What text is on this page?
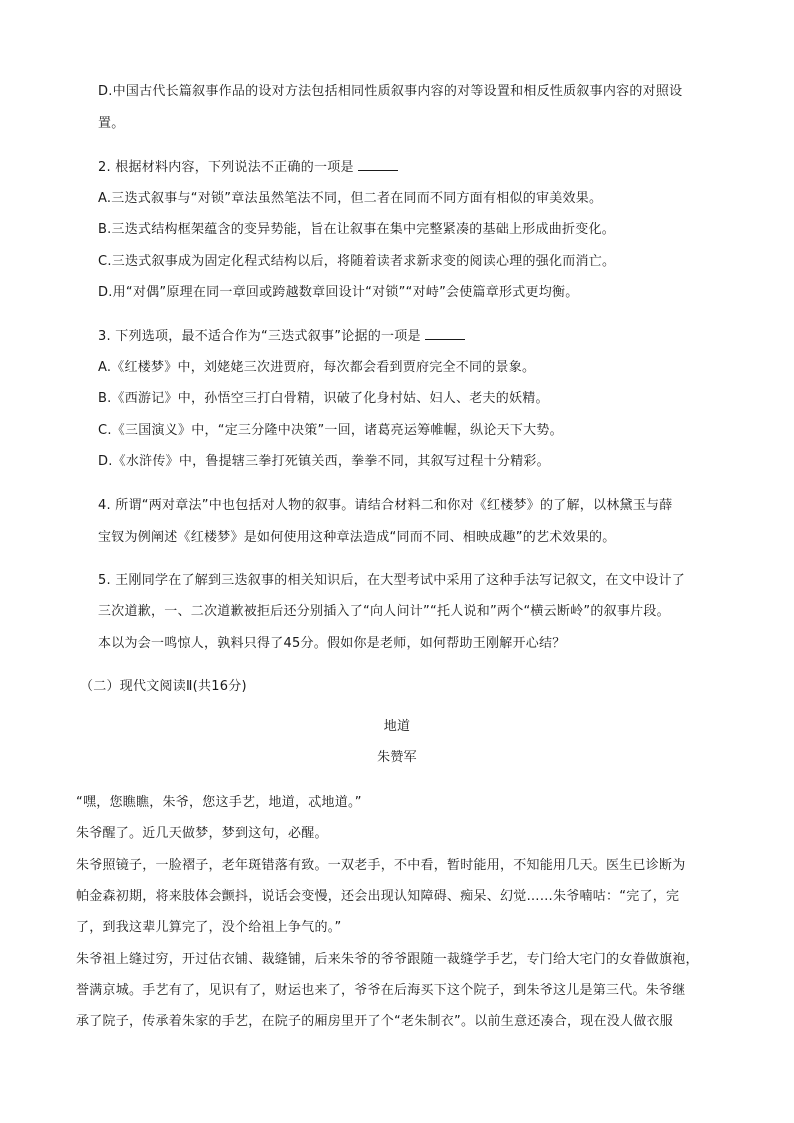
D.中国古代长篇叙事作品的设对方法包括相同性质叙事内容的对等设置和相反性质叙事内容的对照设

置。

2. 根据材料内容，下列说法不正确的一项是

A.三迭式叙事与“对锁”章法虽然笔法不同，但二者在同而不同方面有相似的审美效果。

B.三迭式结构框架蕴含的变异势能，旨在让叙事在集中完整紧凑的基础上形成曲折变化。

C.三迭式叙事成为固定化程式结构以后，将随着读者求新求变的阅读心理的强化而消亡。

D.用“对偶”原理在同一章回或跨越数章回设计“对锁”“对峙”会使篇章形式更均衡。

3. 下列选项，最不适合作为“三迭式叙事”论据的一项是

A.《红楼梦》中，刘姥姥三次进贾府，每次都会看到贾府完全不同的景象。

B.《西游记》中，孙悟空三打白骨精，识破了化身村姑、妇人、老夫的妖精。

C.《三国演义》中，“定三分隆中决策”一回，诸葛亮运筹帷幄，纵论天下大势。

D.《水浒传》中，鲁提辖三拳打死镇关西，拳拳不同，其叙写过程十分精彩。

4. 所谓“两对章法”中也包括对人物的叙事。请结合材料二和你对《红楼梦》的了解，以林黛玉与薛

宝钗为例阐述《红楼梦》是如何使用这种章法造成“同而不同、相映成趣”的艺术效果的。

5. 王刚同学在了解到三迭叙事的相关知识后，在大型考试中采用了这种手法写记叙文，在文中设计了

三次道歉，一、二次道歉被拒后还分别插入了“向人问计”“托人说和”两个“横云断岭”的叙事片段。

本以为会一鸣惊人，孰料只得了45分。假如你是老师，如何帮助王刚解开心结？

（二）现代文阅读Ⅱ(共16分)

地道

朱赞军

“嘿，您瞧瞧，朱爷，您这手艺，地道，忒地道。”

朱爷醒了。近几天做梦，梦到这句，必醒。

朱爷照镜子，一脸褶子，老年斑错落有致。一双老手，不中看，暂时能用，不知能用几天。医生已诊断为

帕金森初期，将来肢体会颤抖，说话会变慢，还会出现认知障碍、痴呆、幻觉……朱爷喃咕：“完了，完

了，到我这辈儿算完了，没个给祖上争气的。”

朱爷祖上缝过穷，开过估衣铺、裁缝铺，后来朱爷的爷爷跟随一裁缝学手艺，专门给大宅门的女眷做旗袍，

誉满京城。手艺有了，见识有了，财运也来了，爷爷在后海买下这个院子，到朱爷这儿是第三代。朱爷继

承了院子，传承着朱家的手艺，在院子的厢房里开了个“老朱制衣”。以前生意还凑合，现在没人做衣服
